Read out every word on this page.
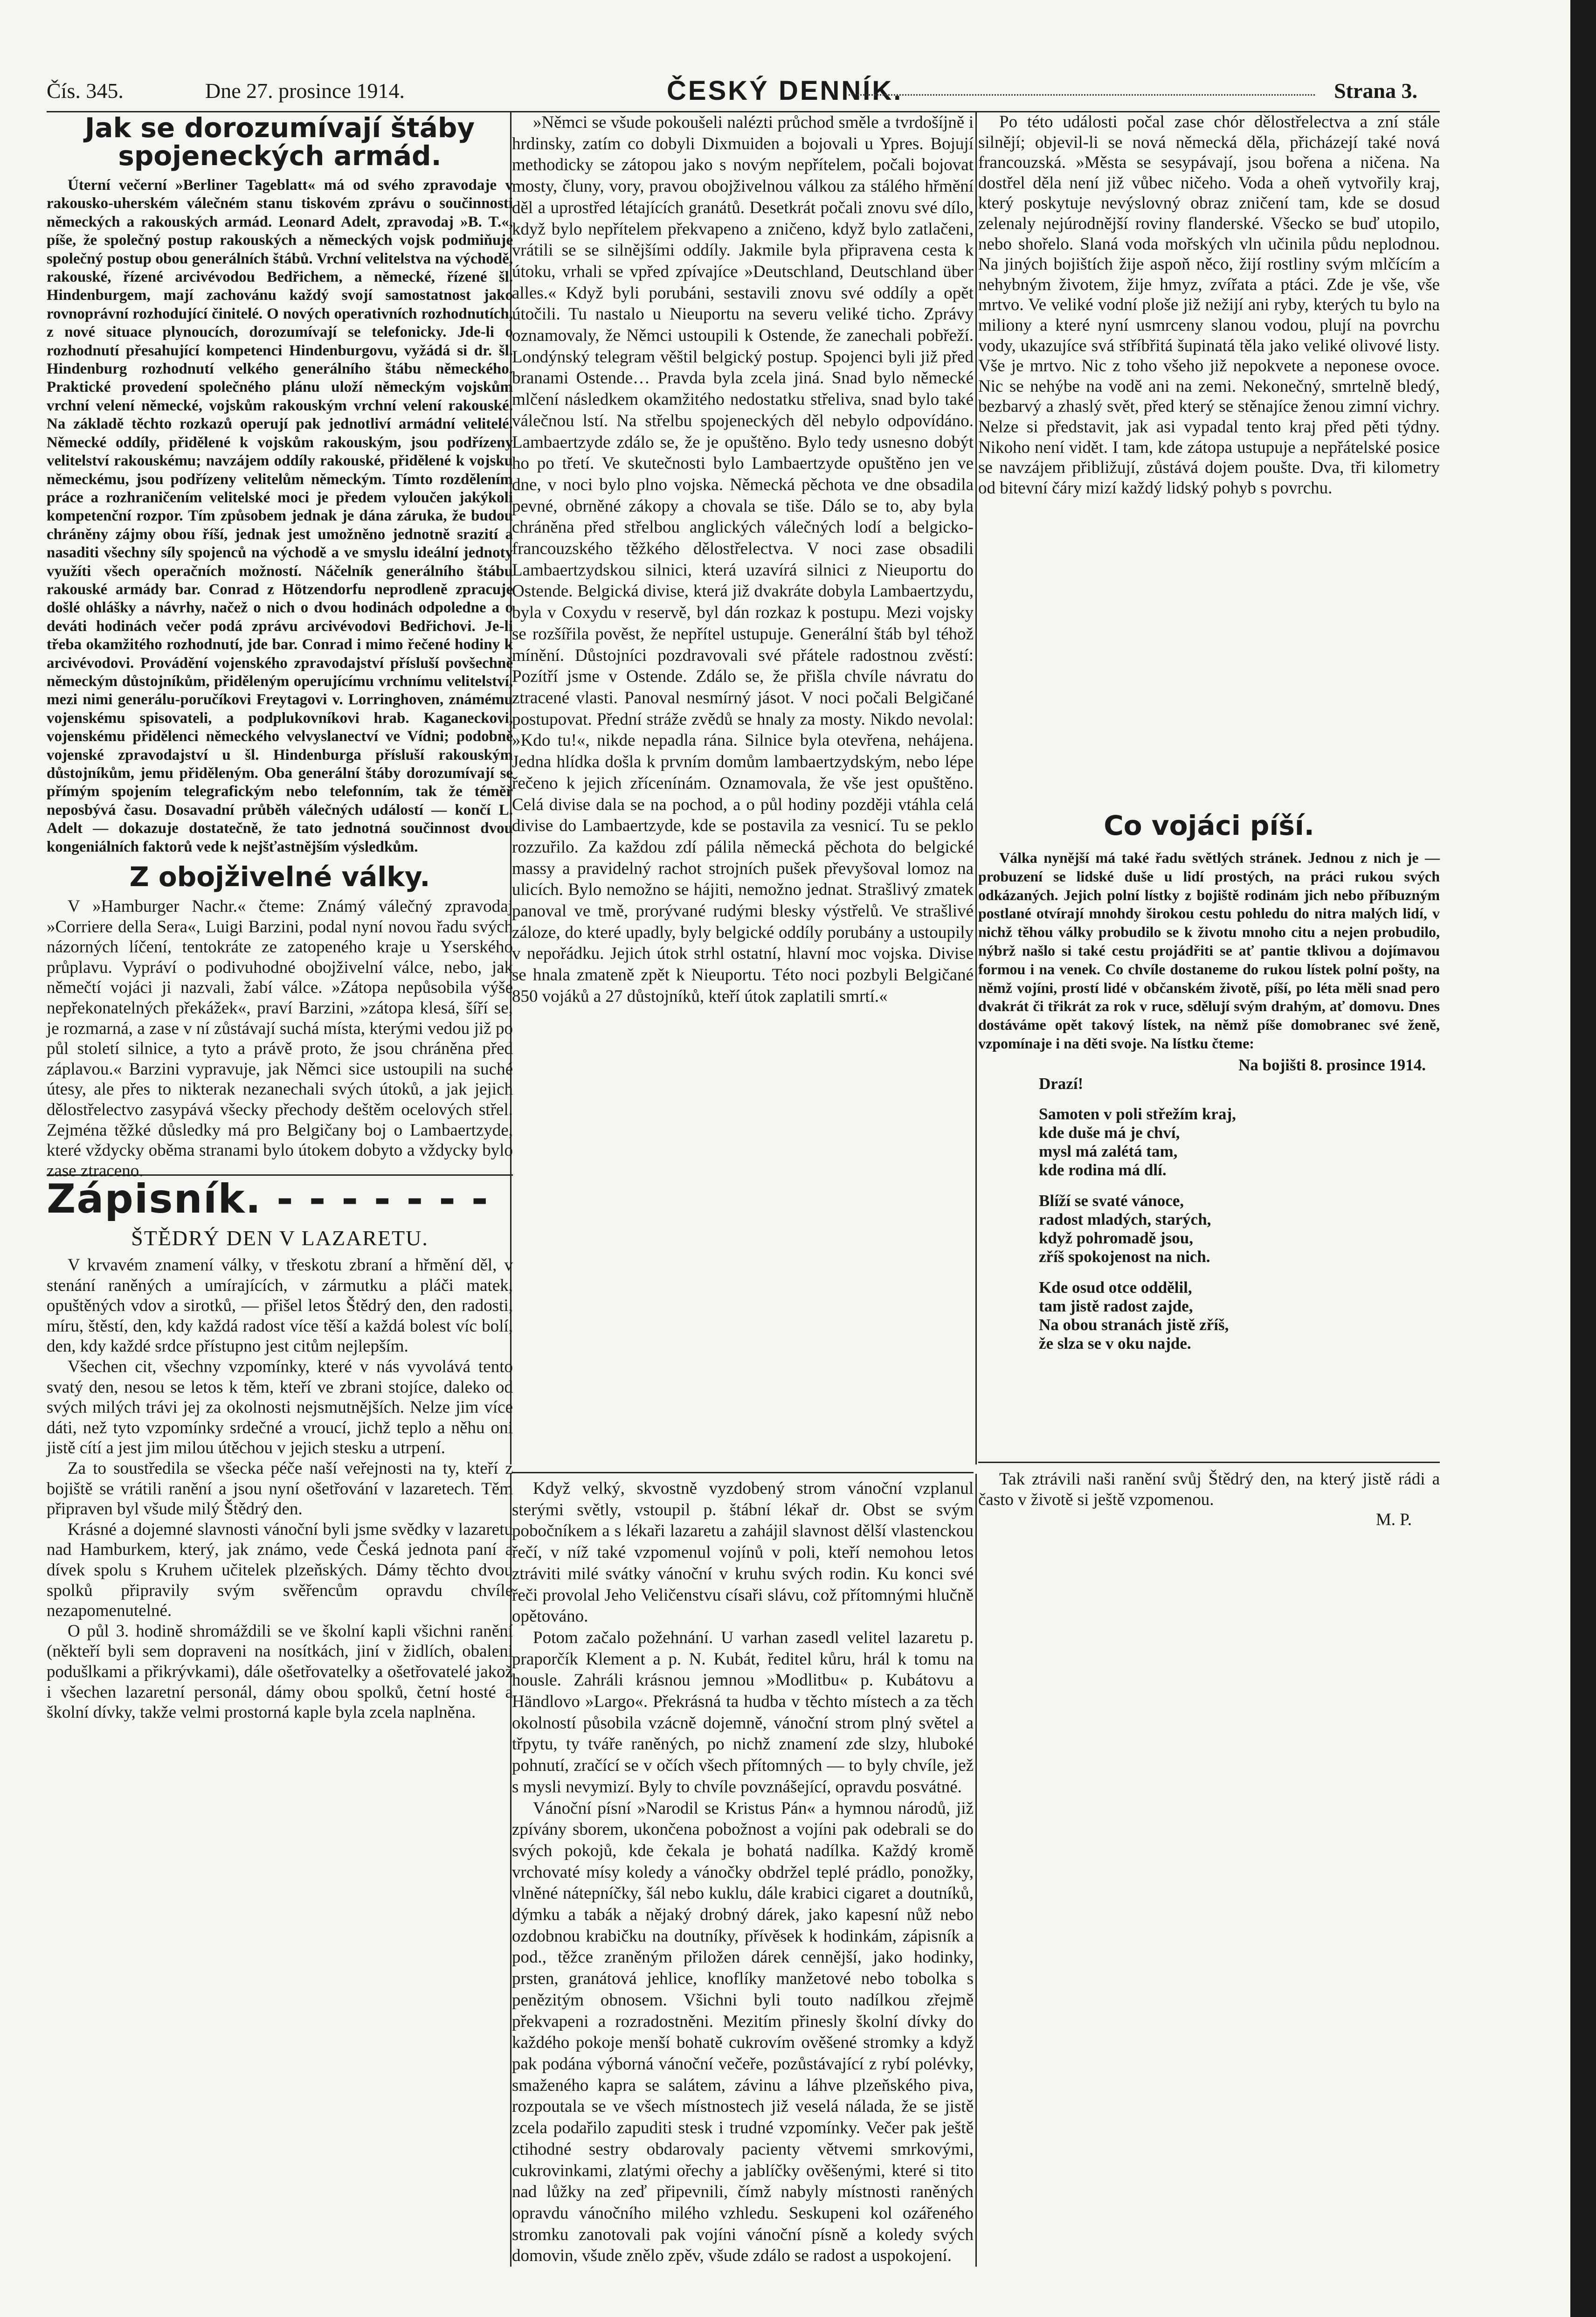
Čís. 345.	Dne 27. prosince 1914.	ČESKÝ DENNÍK.	Strana 3.
Jak se dorozumívají štáby spojeneckých armád.

Úterní večerní »Berliner Tageblatt« má od svého zpravodaje v rakousko-uherském válečném stanu tiskovém zprávu o součinnosti německých a rakouských armád. Leonard Adelt, zpravodaj »B. T.«, píše, že společný postup rakouských a německých vojsk podmiňuje společný postup obou generálních štábů. Vrchní velitelstva na východě, rakouské, řízené arcivévodou Bedřichem, a německé, řízené šl. Hindenburgem, mají zachovánu každý svojí samostatnost jako rovnoprávní rozhodující činitelé. O nových operativních rozhodnutích, z nové situace plynoucích, dorozumívají se telefonicky. Jde-li o rozhodnutí přesahující kompetenci Hindenburgovu, vyžádá si dr. šl. Hindenburg rozhodnutí velkého generálního štábu německého. Praktické provedení společného plánu uloží německým vojskům vrchní velení německé, vojskům rakouským vrchní velení rakouské. Na základě těchto rozkazů operují pak jednotliví armádní velitelé. Německé oddíly, přidělené k vojskům rakouským, jsou podřízeny velitelství rakouskému; navzájem oddíly rakouské, přidělené k vojsku německému, jsou podřízeny velitelům německým. Tímto rozdělením práce a rozhraničením velitelské moci je předem vyloučen jakýkoli kompetenční rozpor. Tím způsobem jednak je dána záruka, že budou chráněny zájmy obou říší, jednak jest umožněno jednotně srazití a nasaditi všechny síly spojenců na východě a ve smyslu ideální jednoty využíti všech operačních možností. Náčelník generálního štábu rakouské armády bar. Conrad z Hötzendorfu neprodleně zpracuje došlé ohlášky a návrhy, načež o nich o dvou hodinách odpoledne a o deváti hodinách večer podá zprávu arcivévodovi Bedřichovi. Je-li třeba okamžitého rozhodnutí, jde bar. Conrad i mimo řečené hodiny k arcivévodovi. Provádění vojenského zpravodajství přísluší povšechně německým důstojníkům, přiděleným operujícímu vrchnímu velitelství, mezi nimi generálu-poručíkovi Freytagovi v. Lorringhoven, známému vojenskému spisovateli, a podplukovníkovi hrab. Kaganeckovi, vojenskému přidělenci německého velvyslanectví ve Vídni; podobně vojenské zpravodajství u šl. Hindenburga přísluší rakouským důstojníkům, jemu přiděleným. Oba generální štáby dorozumívají se přímým spojením telegrafickým nebo telefonním, tak že téměř neposbývá času. Dosavadní průběh válečných událostí — končí L. Adelt — dokazuje dostatečně, že tato jednotná součinnost dvou kongeniálních faktorů vede k nejšťastnějším výsledkům.

Z obojživelné války.

V »Hamburger Nachr.« čteme: Známý válečný zpravodaj »Corriere della Sera«, Luigi Barzini, podal nyní novou řadu svých názorných líčení, tentokráte ze zatopeného kraje u Yserského průplavu. Vypráví o podivuhodné obojživelní válce, nebo, jak němečtí vojáci ji nazvali, žabí válce. »Zátopa nepůsobila výše nepřekonatelných překážek«, praví Barzini, »zátopa klesá, šíří se, je rozmarná, a zase v ní zůstávají suchá místa, kterými vedou již po půl století silnice, a tyto a právě proto, že jsou chráněna před záplavou.« Barzini vypravuje, jak Němci sice ustoupili na suché útesy, ale přes to nikterak nezanechali svých útoků, a jak jejich dělostřelectvo zasypává všecky přechody deštěm ocelových střel. Zejména těžké důsledky má pro Belgičany boj o Lambaertzyde, které vždycky oběma stranami bylo útokem dobyto a vždycky bylo zase ztraceno.

Zápisník. - - - - - - -
ŠTĚDRÝ DEN V LAZARETU.

V krvavém znamení války, v třeskotu zbraní a hřmění děl, v stenání raněných a umírajících, v zármutku a pláči matek, opuštěných vdov a sirotků, — přišel letos Štědrý den, den radosti, míru, štěstí, den, kdy každá radost více těší a každá bolest víc bolí, den, kdy každé srdce přístupno jest citům nejlepším.

Všechen cit, všechny vzpomínky, které v nás vyvolává tento svatý den, nesou se letos k těm, kteří ve zbrani stojíce, daleko od svých milých trávi jej za okolnosti nejsmutnějších. Nelze jim více dáti, než tyto vzpomínky srdečné a vroucí, jichž teplo a něhu oni jistě cítí a jest jim milou útěchou v jejich stesku a utrpení.

Za to soustředila se všecka péče naší veřejnosti na ty, kteří z bojiště se vrátili ranění a jsou nyní ošetřování v lazaretech. Těm připraven byl všude milý Štědrý den.

Krásné a dojemné slavnosti vánoční byli jsme svědky v lazaretu nad Hamburkem, který, jak známo, vede Česká jednota paní a dívek spolu s Kruhem učitelek plzeňských. Dámy těchto dvou spolků připravily svým svěřencům opravdu chvíle nezapomenutelné.

O půl 3. hodině shromáždili se ve školní kapli všichni ranění (někteří byli sem dopraveni na nosítkách, jiní v židlích, obaleni podušlkami a přikrývkami), dále ošetřovatelky a ošetřovatelé jakož i všechen lazaretní personál, dámy obou spolků, četní hosté a školní dívky, takže velmi prostorná kaple byla zcela naplněna.

»Němci se všude pokoušeli nalézti průchod směle a tvrdošíjně i hrdinsky, zatím co dobyli Dixmuiden a bojovali u Ypres. Bojují methodicky se zátopou jako s novým nepřítelem, počali bojovat mosty, čluny, vory, pravou obojživelnou válkou za stálého hřmění děl a uprostřed létajících granátů. Desetkrát počali znovu své dílo, když bylo nepřítelem překvapeno a zničeno, když bylo zatlačeni, vrátili se se silnějšími oddíly. Jakmile byla připravena cesta k útoku, vrhali se vpřed zpívajíce »Deutschland, Deutschland über alles.« Když byli porubáni, sestavili znovu své oddíly a opět útočili. Tu nastalo u Nieuportu na severu veliké ticho. Zprávy oznamovaly, že Němci ustoupili k Ostende, že zanechali pobřeží. Londýnský telegram věštil belgický postup. Spojenci byli již před branami Ostende… Pravda byla zcela jiná. Snad bylo německé mlčení následkem okamžitého nedostatku střeliva, snad bylo také válečnou lstí. Na střelbu spojeneckých děl nebylo odpovídáno. Lambaertzyde zdálo se, že je opuštěno. Bylo tedy usnesno dobýt ho po třetí. Ve skutečnosti bylo Lambaertzyde opuštěno jen ve dne, v noci bylo plno vojska. Německá pěchota ve dne obsadila pevné, obrněné zákopy a chovala se tiše. Dálo se to, aby byla chráněna před střelbou anglických válečných lodí a belgicko-francouzského těžkého dělostřelectva. V noci zase obsadili Lambaertzydskou silnici, která uzavírá silnici z Nieuportu do Ostende. Belgická divise, která již dvakráte dobyla Lambaertzydu, byla v Coxydu v reservě, byl dán rozkaz k postupu. Mezi vojsky se rozšířila pověst, že nepřítel ustupuje. Generální štáb byl téhož mínění. Důstojníci pozdravovali své přátele radostnou zvěstí: Pozítří jsme v Ostende. Zdálo se, že přišla chvíle návratu do ztracené vlasti. Panoval nesmírný jásot. V noci počali Belgičané postupovat. Přední stráže zvědů se hnaly za mosty. Nikdo nevolal: »Kdo tu!«, nikde nepadla rána. Silnice byla otevřena, nehájena. Jedna hlídka došla k prvním domům lambaertzydským, nebo lépe řečeno k jejich zřícenínám. Oznamovala, že vše jest opuštěno. Celá divise dala se na pochod, a o půl hodiny později vtáhla celá divise do Lambaertzyde, kde se postavila za vesnicí. Tu se peklo rozzuřilo. Za každou zdí pálila německá pěchota do belgické massy a pravidelný rachot strojních pušek převyšoval lomoz na ulicích. Bylo nemožno se hájiti, nemožno jednat. Strašlivý zmatek panoval ve tmě, prorývané rudými blesky výstřelů. Ve strašlivé záloze, do které upadly, byly belgické oddíly porubány a ustoupily v nepořádku. Jejich útok strhl ostatní, hlavní moc vojska. Divise se hnala zmateně zpět k Nieuportu. Této noci pozbyli Belgičané 850 vojáků a 27 důstojníků, kteří útok zaplatili smrtí.«

Když velký, skvostně vyzdobený strom vánoční vzplanul sterými světly, vstoupil p. štábní lékař dr. Obst se svým pobočníkem a s lékaři lazaretu a zahájil slavnost dělší vlastenckou řečí, v níž také vzpomenul vojínů v poli, kteří nemohou letos ztráviti milé svátky vánoční v kruhu svých rodin. Ku konci své řeči provolal Jeho Veličenstvu císaři slávu, což přítomnými hlučně opětováno.

Potom začalo požehnání. U varhan zasedl velitel lazaretu p. praporčík Klement a p. N. Kubát, ředitel kůru, hrál k tomu na housle. Zahráli krásnou jemnou »Modlitbu« p. Kubátovu a Händlovo »Largo«. Překrásná ta hudba v těchto místech a za těch okolností působila vzácně dojemně, vánoční strom plný světel a třpytu, ty tváře raněných, po nichž znamení zde slzy, hluboké pohnutí, zračící se v očích všech přítomných — to byly chvíle, jež s mysli nevymizí. Byly to chvíle povznášející, opravdu posvátné.

Vánoční písní »Narodil se Kristus Pán« a hymnou národů, již zpívány sborem, ukončena pobožnost a vojíni pak odebrali se do svých pokojů, kde čekala je bohatá nadílka. Každý kromě vrchovaté mísy koledy a vánočky obdržel teplé prádlo, ponožky, vlněné nátepníčky, šál nebo kuklu, dále krabici cigaret a doutníků, dýmku a tabák a nějaký drobný dárek, jako kapesní nůž nebo ozdobnou krabičku na doutníky, přívěsek k hodinkám, zápisník a pod., těžce zraněným přiložen dárek cennější, jako hodinky, prsten, granátová jehlice, knoflíky manžetové nebo tobolka s penězitým obnosem. Všichni byli touto nadílkou zřejmě překvapeni a rozradostněni. Mezitím přinesly školní dívky do každého pokoje menší bohatě cukrovím ověšené stromky a když pak podána výborná vánoční večeře, pozůstávající z rybí polévky, smaženého kapra se salátem, závinu a láhve plzeňského piva, rozpoutala se ve všech místnostech již veselá nálada, že se jistě zcela podařilo zapuditi stesk i trudné vzpomínky. Večer pak ještě ctihodné sestry obdarovaly pacienty větvemi smrkovými, cukrovinkami, zlatými ořechy a jablíčky ověšenými, které si tito nad lůžky na zeď připevnili, čímž nabyly místnosti raněných opravdu vánočního milého vzhledu. Seskupeni kol ozářeného stromku zanotovali pak vojíni vánoční písně a koledy svých domovin, všude znělo zpěv, všude zdálo se radost a uspokojení.

Po této události počal zase chór dělostřelectva a zní stále silnějí; objevil-li se nová německá děla, přicházejí také nová francouzská. »Města se sesypávají, jsou bořena a ničena. Na dostřel děla není již vůbec ničeho. Voda a oheň vytvořily kraj, který poskytuje nevýslovný obraz zničení tam, kde se dosud zelenaly nejúrodnější roviny flanderské. Všecko se buď utopilo, nebo shořelo. Slaná voda mořských vln učinila půdu neplodnou. Na jiných bojištích žije aspoň něco, žijí rostliny svým mlčícím a nehybným životem, žije hmyz, zvířata a ptáci. Zde je vše, vše mrtvo. Ve veliké vodní ploše již nežijí ani ryby, kterých tu bylo na miliony a které nyní usmrceny slanou vodou, plují na povrchu vody, ukazujíce svá stříbřitá šupinatá těla jako veliké olivové listy. Vše je mrtvo. Nic z toho všeho již nepokvete a neponese ovoce. Nic se nehýbe na vodě ani na zemi. Nekonečný, smrtelně bledý, bezbarvý a zhaslý svět, před který se stěnajíce ženou zimní vichry. Nelze si představit, jak asi vypadal tento kraj před pěti týdny. Nikoho není vidět. I tam, kde zátopa ustupuje a nepřátelské posice se navzájem přibližují, zůstává dojem poušte. Dva, tři kilometry od bitevní čáry mizí každý lidský pohyb s povrchu.

Co vojáci píší.

Válka nynější má také řadu světlých stránek. Jednou z nich je — probuzení se lidské duše u lidí prostých, na práci rukou svých odkázaných. Jejich polní lístky z bojiště rodinám jich nebo příbuzným postlané otvírají mnohdy širokou cestu pohledu do nitra malých lidí, v nichž těhou války probudilo se k životu mnoho citu a nejen probudilo, nýbrž našlo si také cestu projádřiti se ať pantie tklivou a dojímavou formou i na venek. Co chvíle dostaneme do rukou lístek polní pošty, na němž vojíni, prostí lidé v občanském životě, píší, po léta měli snad pero dvakrát či třikrát za rok v ruce, sdělují svým drahým, ať domovu. Dnes dostáváme opět takový lístek, na němž píše domobranec své ženě, vzpomínaje i na děti svoje. Na lístku čteme:

Na bojišti 8. prosince 1914.
Drazí!
Samoten v poli střežím kraj,
kde duše má je chví,
mysl má zalétá tam,
kde rodina má dlí.
Blíží se svaté vánoce,
radost mladých, starých,
když pohromadě jsou,
zříš spokojenost na nich.
Kde osud otce oddělil,
tam jistě radost zajde,
Na obou stranách jistě zříš,
že slza se v oku najde.

Tak ztrávili naši ranění svůj Štědrý den, na který jistě rádi a často v životě si ještě vzpomenou.

M. P.
